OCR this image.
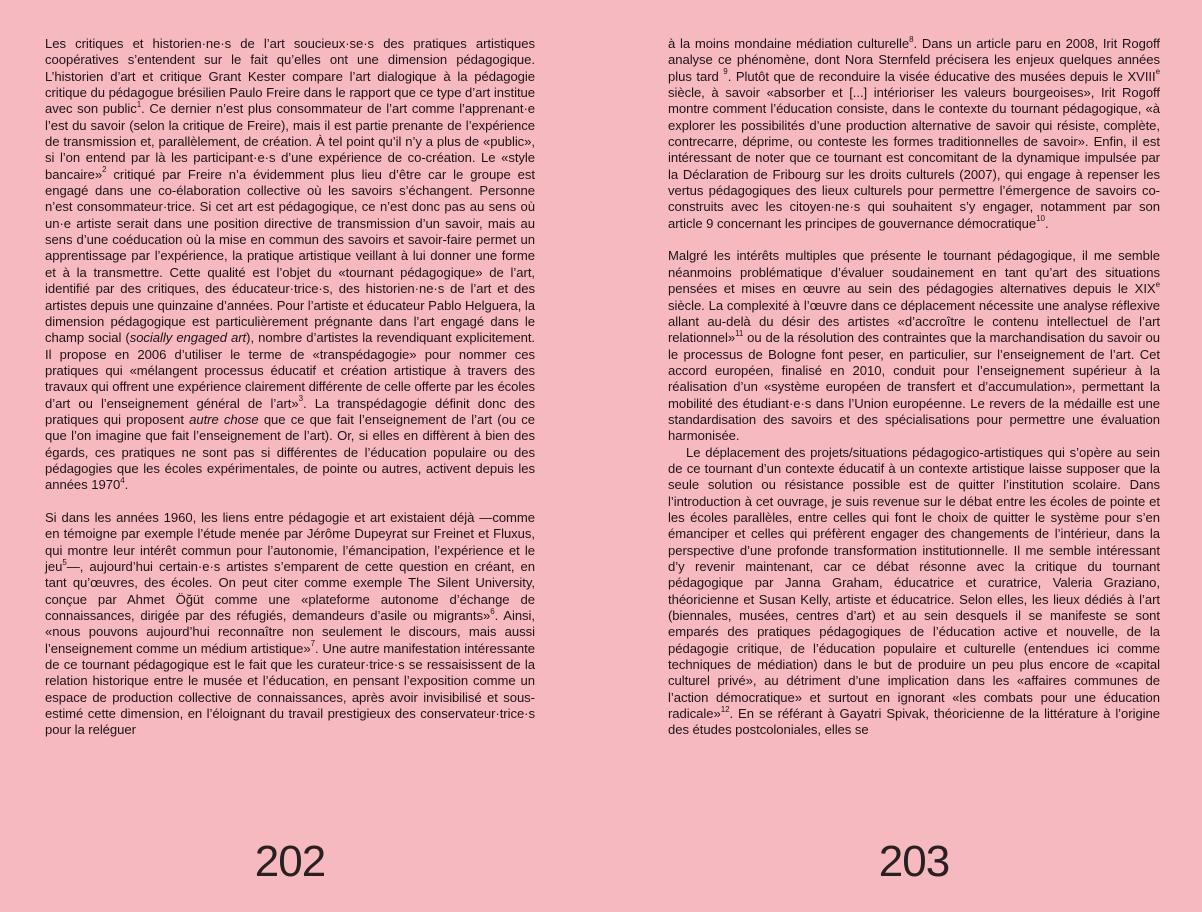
Les critiques et historien·ne·s de l’art soucieux·se·s des pratiques artistiques coopératives s’entendent sur le fait qu’elles ont une dimension pédagogique. L’historien d’art et critique Grant Kester compare l’art dialogique à la pédagogie critique du pédagogue brésilien Paulo Freire dans le rapport que ce type d’art institue avec son public$^1$. Ce dernier n’est plus consommateur de l’art comme l’apprenant·e l’est du savoir (selon la critique de Freire), mais il est partie prenante de l’expérience de transmission et, parallèlement, de création. À tel point qu’il n’y a plus de «public», si l’on entend par là les participant·e·s d’une expérience de co-création. Le «style bancaire»$^2$ critiqué par Freire n’a évidemment plus lieu d’être car le groupe est engagé dans une co-élaboration collective où les savoirs s’échangent. Personne n’est consommateur·trice. Si cet art est pédagogique, ce n’est donc pas au sens où un·e artiste serait dans une position directive de transmission d’un savoir, mais au sens d’une coéducation où la mise en commun des savoirs et savoir-faire permet un apprentissage par l’expérience, la pratique artistique veillant à lui donner une forme et à la transmettre. Cette qualité est l’objet du «tournant pédagogique» de l’art, identifié par des critiques, des éducateur·trice·s, des historien·ne·s de l’art et des artistes depuis une quinzaine d’années. Pour l’artiste et éducateur Pablo Helguera, la dimension pédagogique est particulièrement prégnante dans l’art engagé dans le champ social (socially engaged art), nombre d’artistes la revendiquant explicitement. Il propose en 2006 d’utiliser le terme de «transpédagogie» pour nommer ces pratiques qui «mélangent processus éducatif et création artistique à travers des travaux qui offrent une expérience clairement différente de celle offerte par les écoles d’art ou l’enseignement général de l’art»$^3$. La transpédagogie définit donc des pratiques qui proposent autre chose que ce que fait l’enseignement de l’art (ou ce que l’on imagine que fait l’enseignement de l’art). Or, si elles en diffèrent à bien des égards, ces pratiques ne sont pas si différentes de l’éducation populaire ou des pédagogies que les écoles expérimentales, de pointe ou autres, activent depuis les années 1970$^4$.

Si dans les années 1960, les liens entre pédagogie et art existaient déjà —comme en témoigne par exemple l’étude menée par Jérôme Dupeyrat sur Freinet et Fluxus, qui montre leur intérêt commun pour l’autonomie, l’émancipation, l’expérience et le jeu$^5$—, aujourd’hui certain·e·s artistes s’emparent de cette question en créant, en tant qu’œuvres, des écoles. On peut citer comme exemple The Silent University, conçue par Ahmet Öğüt comme une «plateforme autonome d’échange de connaissances, dirigée par des réfugiés, demandeurs d’asile ou migrants»$^6$. Ainsi, «nous pouvons aujourd’hui reconnaître non seulement le discours, mais aussi l’enseignement comme un médium artistique»$^7$. Une autre manifestation intéressante de ce tournant pédagogique est le fait que les curateur·trice·s se ressaisissent de la relation historique entre le musée et l’éducation, en pensant l’exposition comme un espace de production collective de connaissances, après avoir invisibilisé et sous-estimé cette dimension, en l’éloignant du travail prestigieux des conservateur·trice·s pour la reléguer

202

à la moins mondaine médiation culturelle$^8$. Dans un article paru en 2008, Irit Rogoff analyse ce phénomène, dont Nora Sternfeld précisera les enjeux quelques années plus tard $^9$. Plutôt que de reconduire la visée éducative des musées depuis le XVIIIe siècle, à savoir «absorber et [...] intérioriser les valeurs bourgeoises», Irit Rogoff montre comment l’éducation consiste, dans le contexte du tournant pédagogique, «à explorer les possibilités d’une production alternative de savoir qui résiste, complète, contrecarre, déprime, ou conteste les formes traditionnelles de savoir». Enfin, il est intéressant de noter que ce tournant est concomitant de la dynamique impulsée par la Déclaration de Fribourg sur les droits culturels (2007), qui engage à repenser les vertus pédagogiques des lieux culturels pour permettre l’émergence de savoirs co-construits avec les citoyen·ne·s qui souhaitent s’y engager, notamment par son article 9 concernant les principes de gouvernance démocratique$^{10}$.

Malgré les intérêts multiples que présente le tournant pédagogique, il me semble néanmoins problématique d’évaluer soudainement en tant qu’art des situations pensées et mises en œuvre au sein des pédagogies alternatives depuis le XIXe siècle. La complexité à l’œuvre dans ce déplacement nécessite une analyse réflexive allant au-delà du désir des artistes «d’accroître le contenu intellectuel de l’art relationnel»$^{11}$ ou de la résolution des contraintes que la marchandisation du savoir ou le processus de Bologne font peser, en particulier, sur l’enseignement de l’art. Cet accord européen, finalisé en 2010, conduit pour l’enseignement supérieur à la réalisation d’un «système européen de transfert et d’accumulation», permettant la mobilité des étudiant·e·s dans l’Union européenne. Le revers de la médaille est une standardisation des savoirs et des spécialisations pour permettre une évaluation harmonisée.

Le déplacement des projets/situations pédagogico-artistiques qui s’opère au sein de ce tournant d’un contexte éducatif à un contexte artistique laisse supposer que la seule solution ou résistance possible est de quitter l’institution scolaire. Dans l’introduction à cet ouvrage, je suis revenue sur le débat entre les écoles de pointe et les écoles parallèles, entre celles qui font le choix de quitter le système pour s’en émanciper et celles qui préfèrent engager des changements de l’intérieur, dans la perspective d’une profonde transformation institutionnelle. Il me semble intéressant d’y revenir maintenant, car ce débat résonne avec la critique du tournant pédagogique par Janna Graham, éducatrice et curatrice, Valeria Graziano, théoricienne et Susan Kelly, artiste et éducatrice. Selon elles, les lieux dédiés à l’art (biennales, musées, centres d’art) et au sein desquels il se manifeste se sont emparés des pratiques pédagogiques de l’éducation active et nouvelle, de la pédagogie critique, de l’éducation populaire et culturelle (entendues ici comme techniques de médiation) dans le but de produire un peu plus encore de «capital culturel privé», au détriment d’une implication dans les «affaires communes de l’action démocratique» et surtout en ignorant «les combats pour une éducation radicale»$^{12}$. En se référant à Gayatri Spivak, théoricienne de la littérature à l’origine des études postcoloniales, elles se

203
